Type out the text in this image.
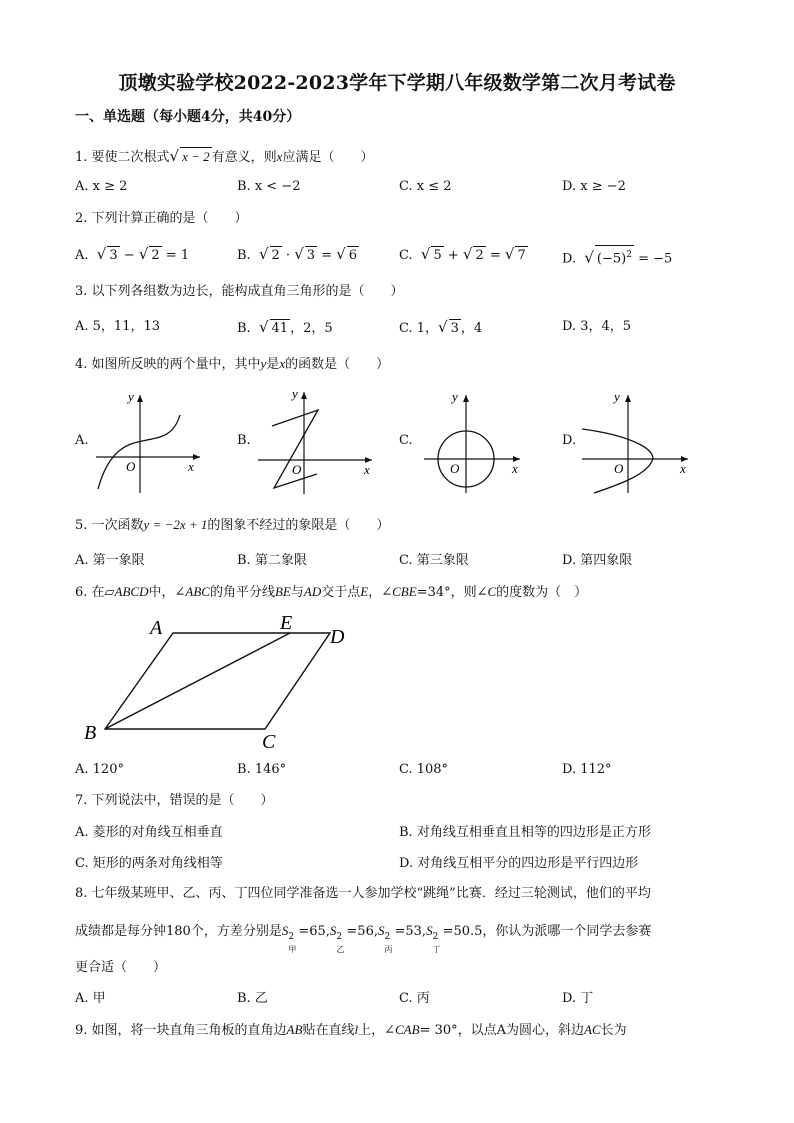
顶墩实验学校2022-2023学年下学期八年级数学第二次月考试卷
一、单选题（每小题4分，共40分）
1. 要使二次根式√ x − 2 有意义，则x应满足（　　）
A. x ≥ 2	B. x < −2	C. x ≤ 2	D. x ≥ −2
2. 下列计算正确的是（　　）
A. √ 3 − √ 2 = 1	B. √ 2 · √ 3 = √ 6	C. √ 5 + √ 2 = √ 7	D. √ $(-5)^2 = -5$
3. 以下列各组数为边长，能构成直角三角形的是（　　）
A. 5，11，13	B. √ 41 ，2，5	C. 1，√ 3 ，4	D. 3，4，5
4. 如图所反映的两个量中，其中y是x的函数是（　　）
A.	B.	C.	D.
x
y
O	x
y
O	x
y
O	x
y
O
5. 一次函数y = −2x + 1的图象不经过的象限是（　　）
A. 第一象限	B. 第二象限	C. 第三象限	D. 第四象限
6. 在▱ABCD中，∠ABC的角平分线BE与AD交于点E，∠CBE=34°，则∠C的度数为（　）
A	E
D
B	C
A. 120°	B. 146°	C. 108°	D. 112°
7. 下列说法中，错误的是（　　）
A. 菱形的对角线互相垂直	B. 对角线互相垂直且相等的四边形是正方形
C. 矩形的两条对角线相等	D. 对角线互相平分的四边形是平行四边形
8. 七年级某班甲、乙、丙、丁四位同学准备选一人参加学校“跳绳”比赛．经过三轮测试，他们的平均
成绩都是每分钟180个，方差分别是S 2
甲
=65,S 2
乙
=56,S 2
丙
=53,S 2
丁
=50.5，你认为派哪一个同学去参赛
更合适（　　）
A. 甲	B. 乙	C. 丙	D. 丁
9. 如图，将一块直角三角板的直角边AB贴在直线l上，∠CAB= 30°，以点A为圆心，斜边AC长为
